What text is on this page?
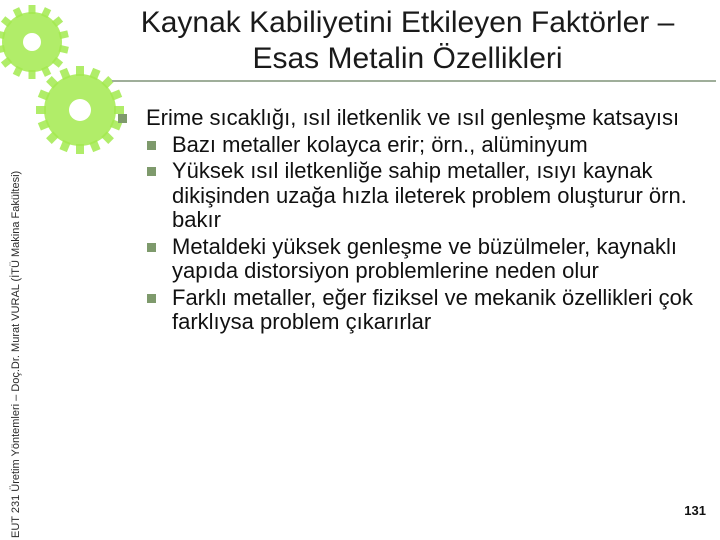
EUT 231 Üretim Yöntemleri – Doç.Dr. Murat VURAL (İTÜ Makina Fakültesi)
Kaynak Kabiliyetini Etkileyen Faktörler –
Esas Metalin Özellikleri
Erime sıcaklığı, ısıl iletkenlik ve ısıl genleşme katsayısı
Bazı metaller kolayca erir; örn., alüminyum
Yüksek ısıl iletkenliğe sahip metaller, ısıyı kaynak dikişinden uzağa hızla ileterek problem oluşturur örn. bakır
Metaldeki yüksek genleşme ve büzülmeler, kaynaklı yapıda distorsiyon problemlerine neden olur
Farklı metaller, eğer fiziksel ve mekanik özellikleri çok farklıysa problem çıkarırlar
131
